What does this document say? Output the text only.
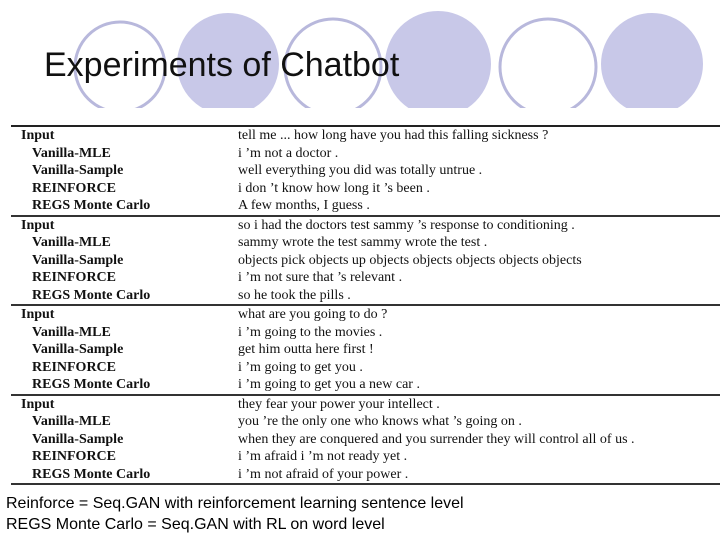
Experiments of Chatbot
Input	tell me ... how long have you had this falling sickness ?
Vanilla-MLE	i ’m not a doctor .
Vanilla-Sample	well everything you did was totally untrue .
REINFORCE	i don ’t know how long it ’s been .
REGS Monte Carlo	A few months, I guess .
Input	so i had the doctors test sammy ’s response to conditioning .
Vanilla-MLE	sammy wrote the test sammy wrote the test .
Vanilla-Sample	objects pick objects up objects objects objects objects objects
REINFORCE	i ’m not sure that ’s relevant .
REGS Monte Carlo	so he took the pills .
Input	what are you going to do ?
Vanilla-MLE	i ’m going to the movies .
Vanilla-Sample	get him outta here first !
REINFORCE	i ’m going to get you .
REGS Monte Carlo	i ’m going to get you a new car .
Input	they fear your power your intellect .
Vanilla-MLE	you ’re the only one who knows what ’s going on .
Vanilla-Sample	when they are conquered and you surrender they will control all of us .
REINFORCE	i ’m afraid i ’m not ready yet .
REGS Monte Carlo	i ’m not afraid of your power .
Reinforce = Seq.GAN with reinforcement learning sentence level
REGS Monte Carlo = Seq.GAN with RL on word level
